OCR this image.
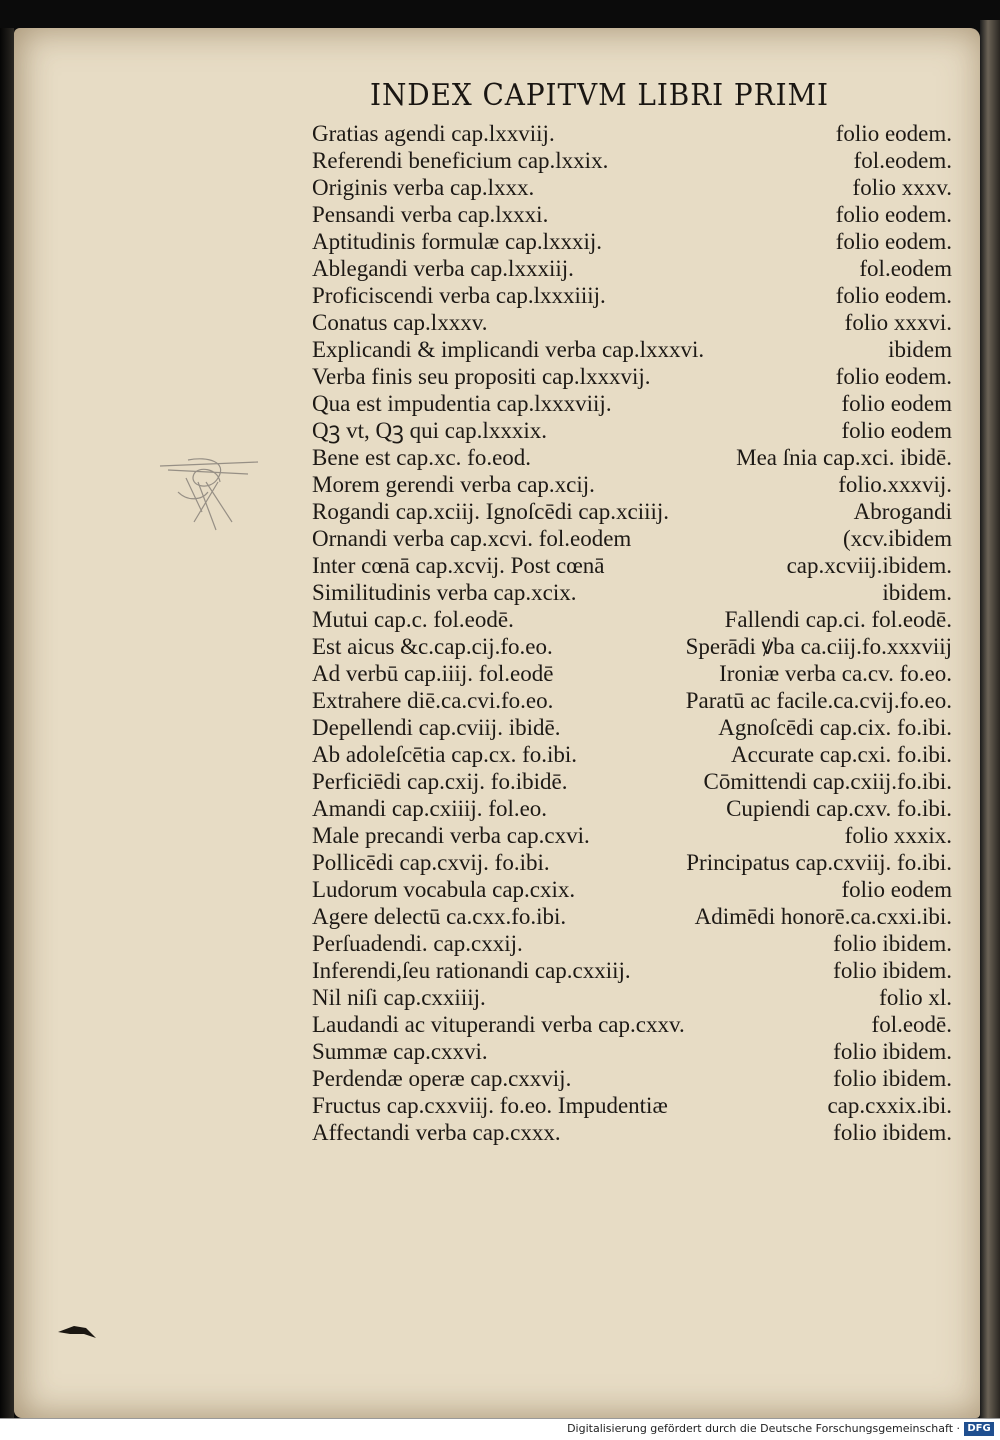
INDEX CAPITVM LIBRI PRIMI
Gratias agendi cap.lxxviij.	folio eodem.
Referendi beneficium cap.lxxix.	fol.eodem.
Originis verba cap.lxxx.	folio xxxv.
Pensandi verba cap.lxxxi.	folio eodem.
Aptitudinis formulæ cap.lxxxij.	folio eodem.
Ablegandi verba cap.lxxxiij.	fol.eodem
Proficiscendi verba cap.lxxxiiij.	folio eodem.
Conatus cap.lxxxv.	folio xxxvi.
Explicandi & implicandi verba cap.lxxxvi.	ibidem
Verba finis seu propositi cap.lxxxvij.	folio eodem.
Qua est impudentia cap.lxxxviij.	folio eodem
Qꝫ vt, Qꝫ qui cap.lxxxix.	folio eodem
Bene est cap.xc. fo.eod.	Mea ſnia cap.xci. ibidē.
Morem gerendi verba cap.xcij.	folio.xxxvij.
Rogandi cap.xciij. Ignoſcēdi cap.xciiij.	Abrogandi
Ornandi verba cap.xcvi. fol.eodem	(xcv.ibidem
Inter cœnā cap.xcvij. Post cœnā	cap.xcviij.ibidem.
Similitudinis verba cap.xcix.	ibidem.
Mutui cap.c. fol.eodē.	Fallendi cap.ci. fol.eodē.
Est aicus &c.cap.cij.fo.eo.	Sperādi ꝟba ca.ciij.fo.xxxviij
Ad verbū cap.iiij. fol.eodē	Ironiæ verba ca.cv. fo.eo.
Extrahere diē.ca.cvi.fo.eo.	Paratū ac facile.ca.cvij.fo.eo.
Depellendi cap.cviij. ibidē.	Agnoſcēdi cap.cix. fo.ibi.
Ab adoleſcētia cap.cx. fo.ibi.	Accurate cap.cxi. fo.ibi.
Perficiēdi cap.cxij. fo.ibidē.	Cōmittendi cap.cxiij.fo.ibi.
Amandi cap.cxiiij. fol.eo.	Cupiendi cap.cxv. fo.ibi.
Male precandi verba cap.cxvi.	folio xxxix.
Pollicēdi cap.cxvij. fo.ibi.	Principatus cap.cxviij. fo.ibi.
Ludorum vocabula cap.cxix.	folio eodem
Agere delectū ca.cxx.fo.ibi.	Adimēdi honorē.ca.cxxi.ibi.
Perſuadendi. cap.cxxij.	folio ibidem.
Inferendi,ſeu rationandi cap.cxxiij.	folio ibidem.
Nil niſi cap.cxxiiij.	folio xl.
Laudandi ac vituperandi verba cap.cxxv.	fol.eodē.
Summæ cap.cxxvi.	folio ibidem.
Perdendæ operæ cap.cxxvij.	folio ibidem.
Fructus cap.cxxviij. fo.eo. Impudentiæ	cap.cxxix.ibi.
Affectandi verba cap.cxxx.	folio ibidem.
Digitalisierung gefördert durch die Deutsche Forschungsgemeinschaft · DFG
